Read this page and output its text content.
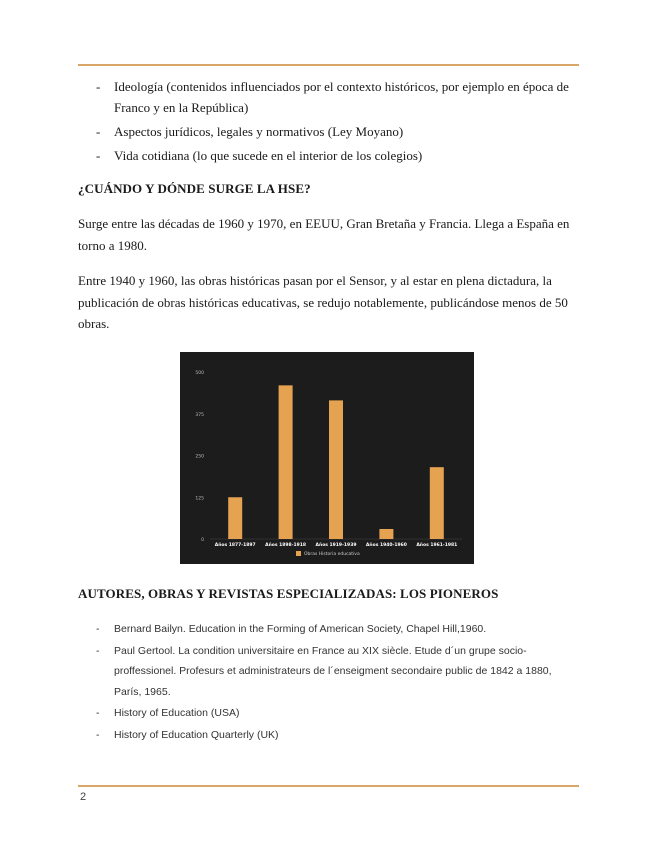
- Ideología (contenidos influenciados por el contexto históricos, por ejemplo en época de Franco y en la República)
- Aspectos jurídicos, legales y normativos (Ley Moyano)
- Vida cotidiana (lo que sucede en el interior de los colegios)
¿CUÁNDO Y DÓNDE SURGE LA HSE?

Surge entre las décadas de 1960 y 1970, en EEUU, Gran Bretaña y Francia. Llega a España en torno a 1980.

Entre 1940 y 1960, las obras históricas pasan por el Sensor, y al estar en plena dictadura, la publicación de obras históricas educativas, se redujo notablemente, publicándose menos de 50 obras.

0
125
250
375
500
Años 1877-1897 Años 1898-1918 Años 1919-1939 Años 1940-1960 Años 1961-1981
Obras Historia educativa
AUTORES, OBRAS Y REVISTAS ESPECIALIZADAS: LOS PIONEROS
- Bernard Bailyn. Education in the Forming of American Society, Chapel Hill,1960.
- Paul Gertool. La condition universitaire en France au XIX siècle. Etude d´un grupe socio-proffessionel. Profesurs et administrateurs de l´enseigment secondaire public de 1842 a 1880, París, 1965.
- History of Education (USA)
- History of Education Quarterly (UK)
2
